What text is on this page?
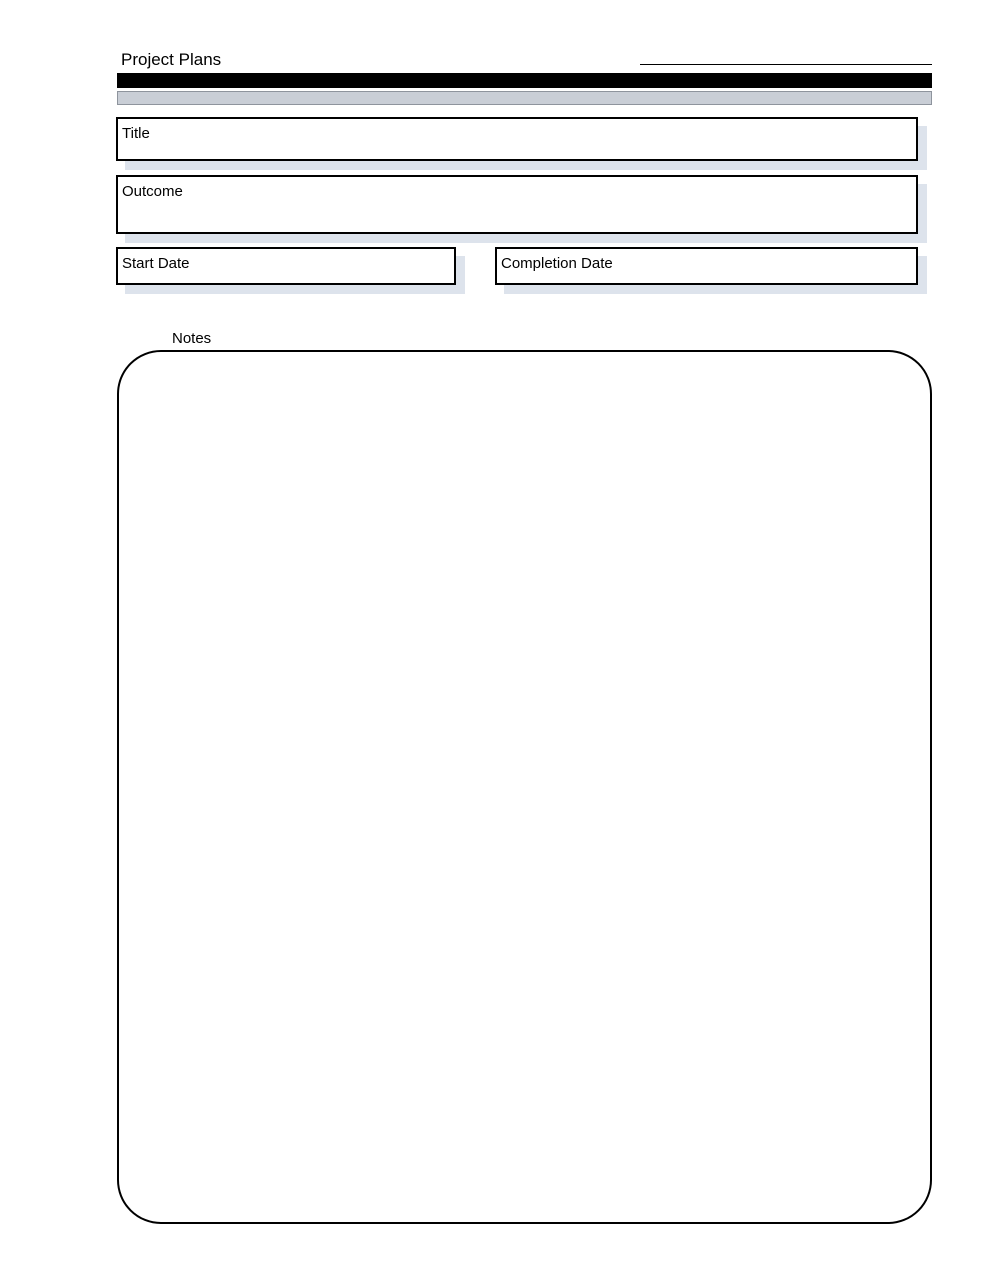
Project Plans
Title
Outcome
Start Date	Completion Date
Notes
